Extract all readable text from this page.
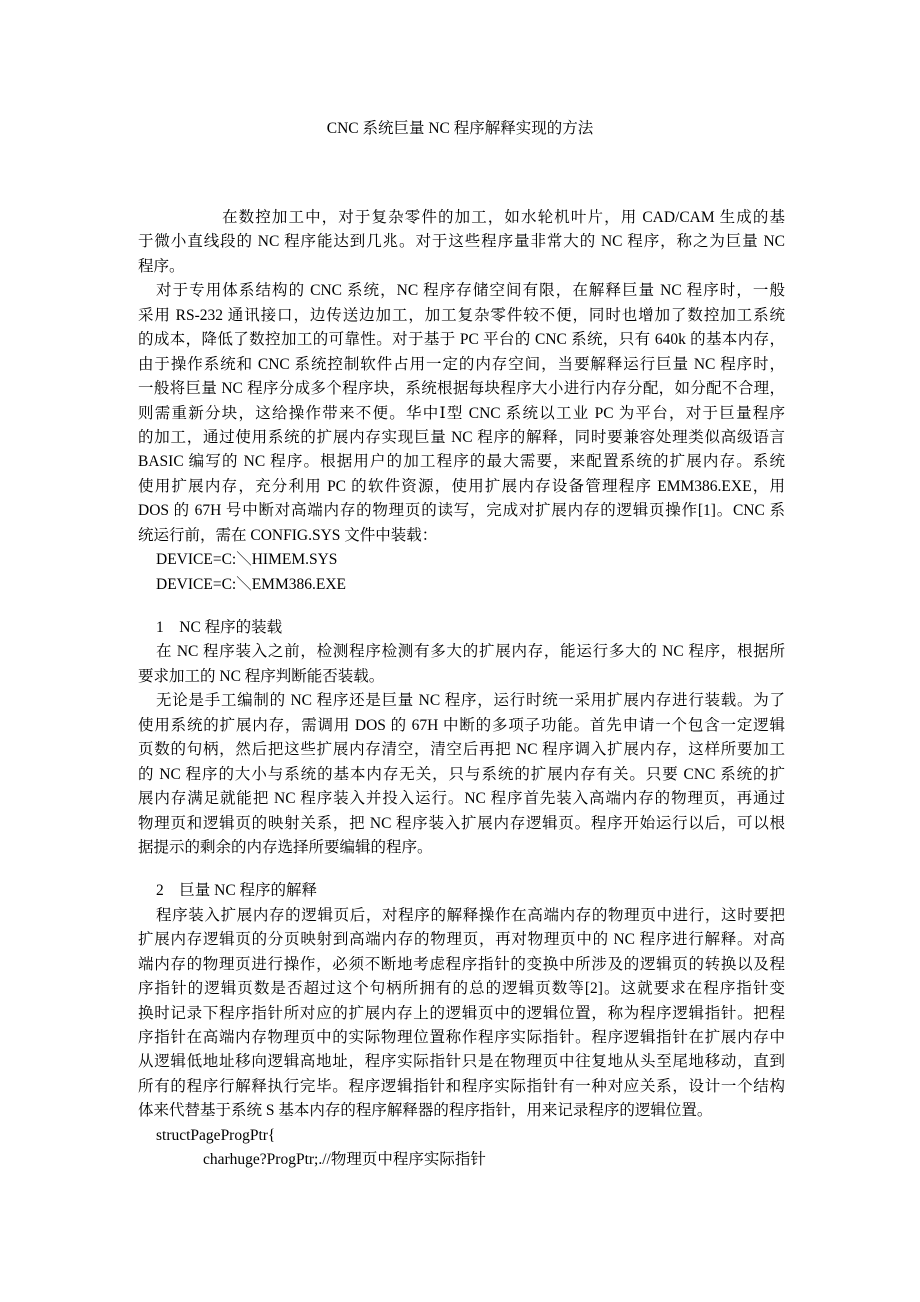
CNC 系统巨量 NC 程序解释实现的方法
在数控加工中，对于复杂零件的加工，如水轮机叶片，用 CAD/CAM 生成的基
于微小直线段的 NC 程序能达到几兆。对于这些程序量非常大的 NC 程序，称之为巨量 NC
程序。
对于专用体系结构的 CNC 系统，NC 程序存储空间有限，在解释巨量 NC 程序时，一般
采用 RS-232 通讯接口，边传送边加工，加工复杂零件较不便，同时也增加了数控加工系统
的成本，降低了数控加工的可靠性。对于基于 PC 平台的 CNC 系统，只有 640k 的基本内存，
由于操作系统和 CNC 系统控制软件占用一定的内存空间，当要解释运行巨量 NC 程序时，
一般将巨量 NC 程序分成多个程序块，系统根据每块程序大小进行内存分配，如分配不合理，
则需重新分块，这给操作带来不便。华中Ⅰ型 CNC 系统以工业 PC 为平台，对于巨量程序
的加工，通过使用系统的扩展内存实现巨量 NC 程序的解释，同时要兼容处理类似高级语言
BASIC 编写的 NC 程序。根据用户的加工程序的最大需要，来配置系统的扩展内存。系统
使用扩展内存，充分利用 PC 的软件资源，使用扩展内存设备管理程序 EMM386.EXE，用
DOS 的 67H 号中断对高端内存的物理页的读写，完成对扩展内存的逻辑页操作[1]。CNC 系
统运行前，需在 CONFIG.SYS 文件中装载：
DEVICE=C:＼HIMEM.SYS
DEVICE=C:＼EMM386.EXE
1　NC 程序的装载
在 NC 程序装入之前，检测程序检测有多大的扩展内存，能运行多大的 NC 程序，根据所
要求加工的 NC 程序判断能否装载。
无论是手工编制的 NC 程序还是巨量 NC 程序，运行时统一采用扩展内存进行装载。为了
使用系统的扩展内存，需调用 DOS 的 67H 中断的多项子功能。首先申请一个包含一定逻辑
页数的句柄，然后把这些扩展内存清空，清空后再把 NC 程序调入扩展内存，这样所要加工
的 NC 程序的大小与系统的基本内存无关，只与系统的扩展内存有关。只要 CNC 系统的扩
展内存满足就能把 NC 程序装入并投入运行。NC 程序首先装入高端内存的物理页，再通过
物理页和逻辑页的映射关系，把 NC 程序装入扩展内存逻辑页。程序开始运行以后，可以根
据提示的剩余的内存选择所要编辑的程序。
2　巨量 NC 程序的解释
程序装入扩展内存的逻辑页后，对程序的解释操作在高端内存的物理页中进行，这时要把
扩展内存逻辑页的分页映射到高端内存的物理页，再对物理页中的 NC 程序进行解释。对高
端内存的物理页进行操作，必须不断地考虑程序指针的变换中所涉及的逻辑页的转换以及程
序指针的逻辑页数是否超过这个句柄所拥有的总的逻辑页数等[2]。这就要求在程序指针变
换时记录下程序指针所对应的扩展内存上的逻辑页中的逻辑位置，称为程序逻辑指针。把程
序指针在高端内存物理页中的实际物理位置称作程序实际指针。程序逻辑指针在扩展内存中
从逻辑低地址移向逻辑高地址，程序实际指针只是在物理页中往复地从头至尾地移动，直到
所有的程序行解释执行完毕。程序逻辑指针和程序实际指针有一种对应关系，设计一个结构
体来代替基于系统 S 基本内存的程序解释器的程序指针，用来记录程序的逻辑位置。
structPageProgPtr{
charhuge?ProgPtr;.//物理页中程序实际指针
